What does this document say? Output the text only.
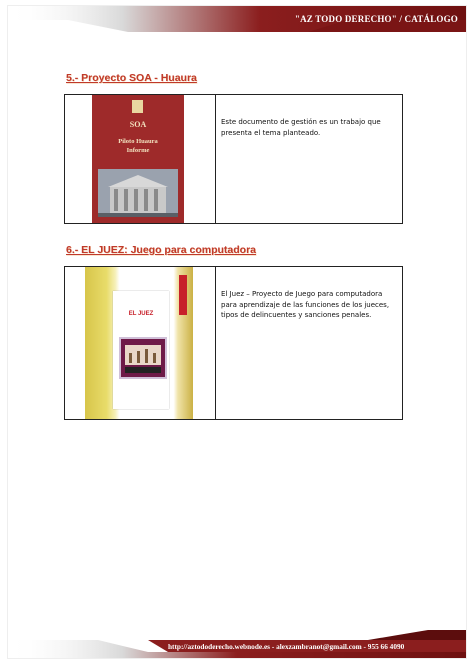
"AZ TODO DERECHO" / CATÁLOGO
5.- Proyecto SOA - Huaura
SOA
Piloto Huaura
Informe
Este documento de gestión es un trabajo que presenta el tema planteado.
6.- EL JUEZ: Juego para computadora
EL JUEZ
El Juez – Proyecto de Juego para computadora para aprendizaje de las funciones de los jueces, tipos de delincuentes y sanciones penales.
http://aztododerecho.webnode.es - alexzambranot@gmail.com - 955 66 4090
